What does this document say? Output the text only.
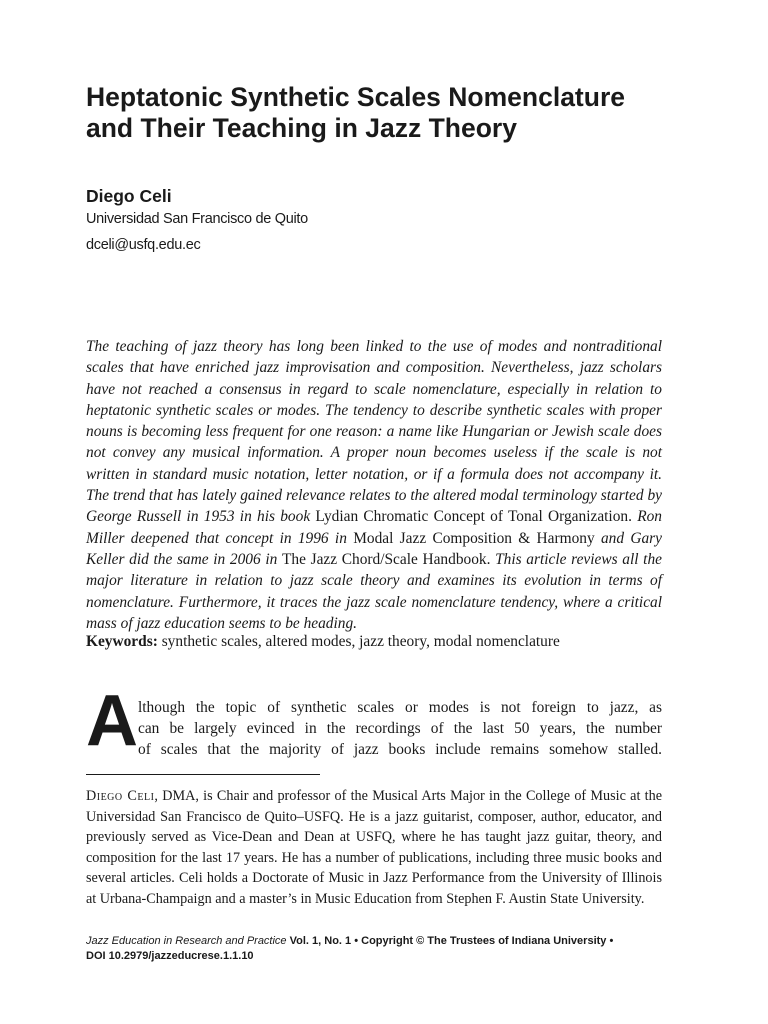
Heptatonic Synthetic Scales Nomenclature
and Their Teaching in Jazz Theory
Diego Celi
Universidad San Francisco de Quito
dceli@usfq.edu.ec

The teaching of jazz theory has long been linked to the use of modes and nontraditional scales that have enriched jazz improvisation and composition. Nevertheless, jazz scholars have not reached a consensus in regard to scale nomenclature, especially in relation to heptatonic synthetic scales or modes. The tendency to describe synthetic scales with proper nouns is becoming less frequent for one reason: a name like Hungarian or Jewish scale does not convey any musical information. A proper noun becomes useless if the scale is not written in standard music notation, letter notation, or if a formula does not accompany it. The trend that has lately gained relevance relates to the altered modal terminology started by George Russell in 1953 in his book Lydian Chromatic Concept of Tonal Organization. Ron Miller deepened that concept in 1996 in Modal Jazz Composition & Harmony and Gary Keller did the same in 2006 in The Jazz Chord/Scale Handbook. This article reviews all the major literature in relation to jazz scale theory and examines its evolution in terms of nomenclature. Furthermore, it traces the jazz scale nomenclature tendency, where a critical mass of jazz education seems to be heading.

Keywords: synthetic scales, altered modes, jazz theory, modal nomenclature
A lthough the topic of synthetic scales or modes is not foreign to jazz, as
can be largely evinced in the recordings of the last 50 years, the number
of scales that the majority of jazz books include remains somehow stalled.

Diego Celi, DMA, is Chair and professor of the Musical Arts Major in the College of Music at the Universidad San Francisco de Quito–USFQ. He is a jazz guitarist, composer, author, educator, and previously served as Vice-Dean and Dean at USFQ, where he has taught jazz guitar, theory, and composition for the last 17 years. He has a number of publications, including three music books and several articles. Celi holds a Doctorate of Music in Jazz Performance from the University of Illinois at Urbana-Champaign and a master’s in Music Education from Stephen F. Austin State University.

Jazz Education in Research and Practice Vol. 1, No. 1 • Copyright © The Trustees of Indiana University •
DOI 10.2979/jazzeducrese.1.1.10
